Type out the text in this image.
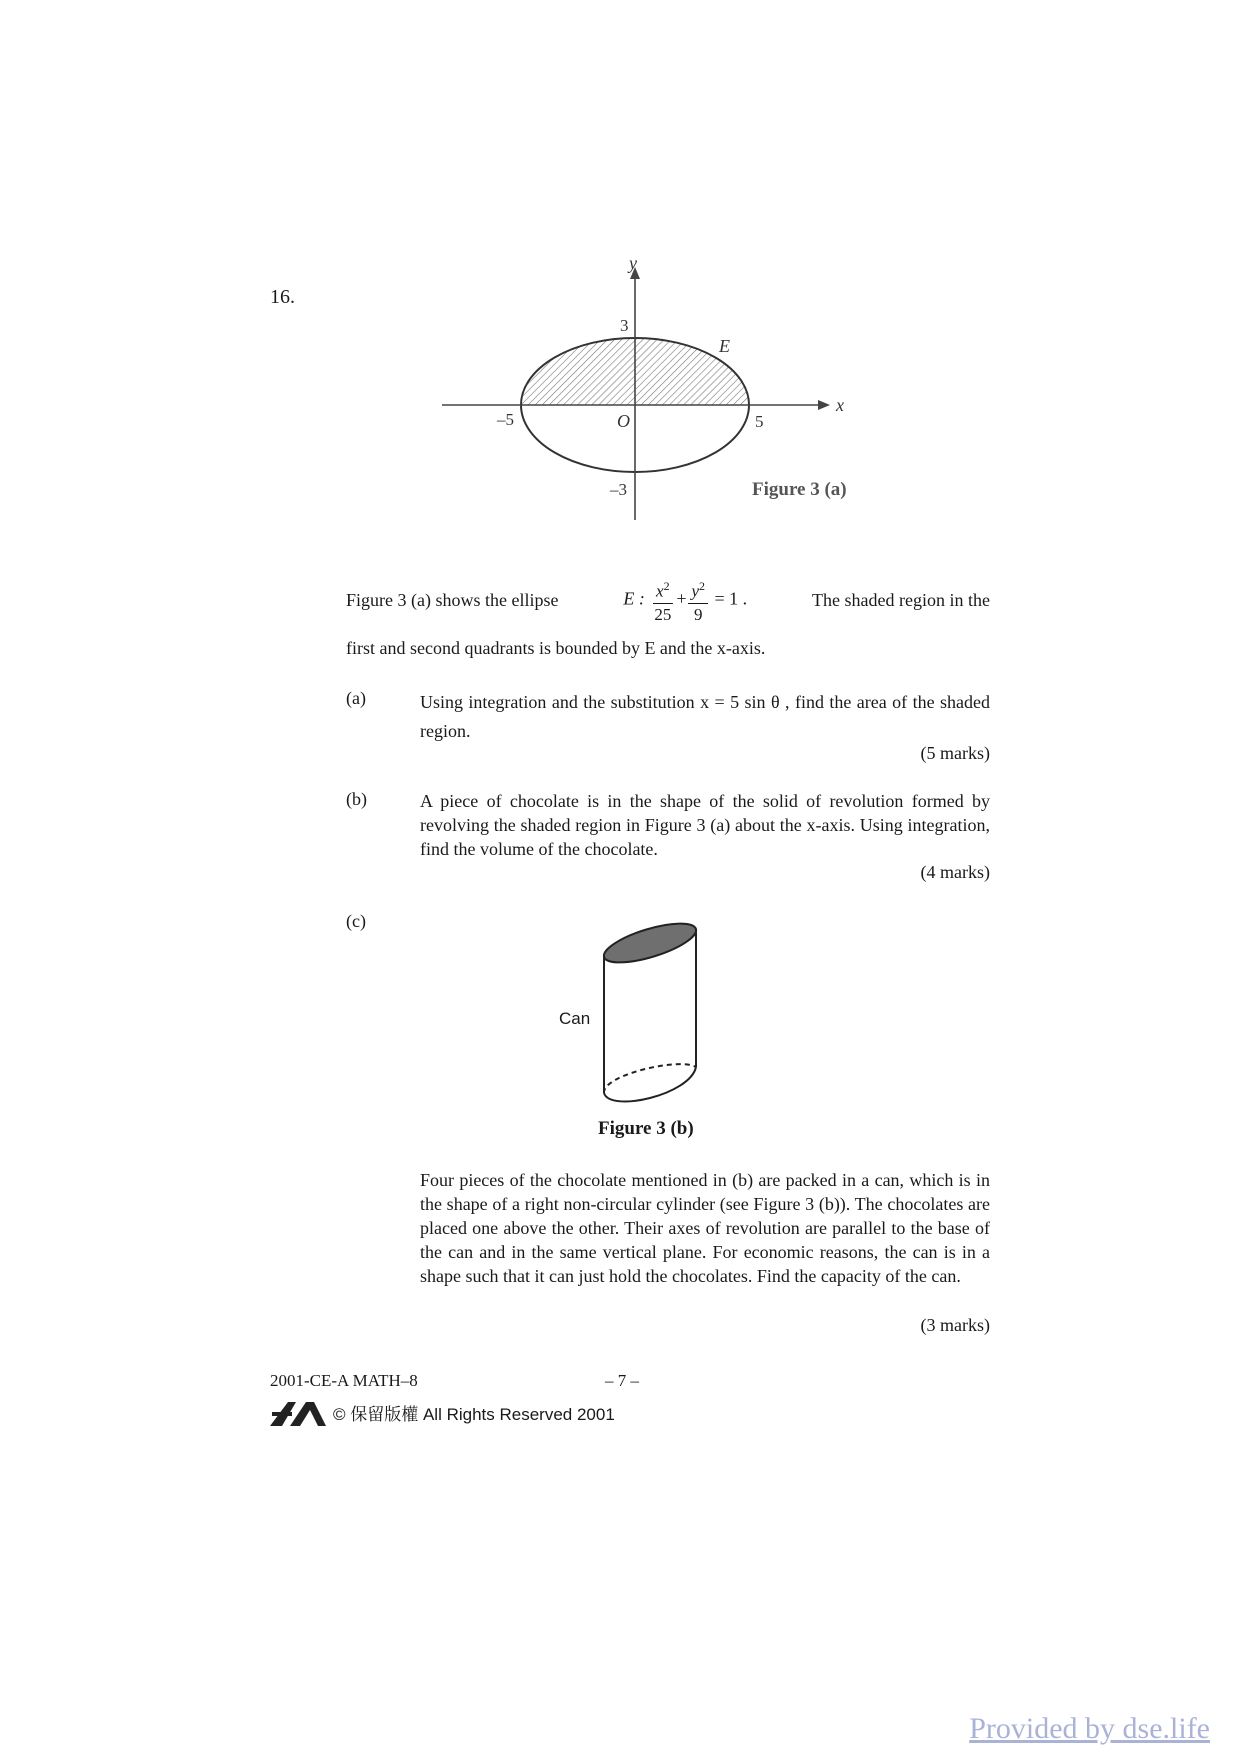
16.
x
y
O
E
–5	5
3
–3	Figure 3 (a)
Figure 3 (a) shows the ellipse	E : $\frac{x^2}{25} + \frac{y^2}{9} = 1$ .	The shaded region in the
first and second quadrants is bounded by E and the x-axis.
(a)	Using integration and the substitution x = 5 sin θ , find the area of the shaded region.
(5 marks)
(b)	A piece of chocolate is in the shape of the solid of revolution formed by revolving the shaded region in Figure 3 (a) about the x-axis. Using integration, find the volume of the chocolate.
(4 marks)
(c)
Figure 3 (b)
Can
Four pieces of the chocolate mentioned in (b) are packed in a can, which is in the shape of a right non-circular cylinder (see Figure 3 (b)). The chocolates are placed one above the other. Their axes of revolution are parallel to the base of the can and in the same vertical plane. For economic reasons, the can is in a shape such that it can just hold the chocolates. Find the capacity of the can.
(3 marks)
2001-CE-A MATH–8	– 7 –
© 保留版權 All Rights Reserved 2001
Provided by dse.life
